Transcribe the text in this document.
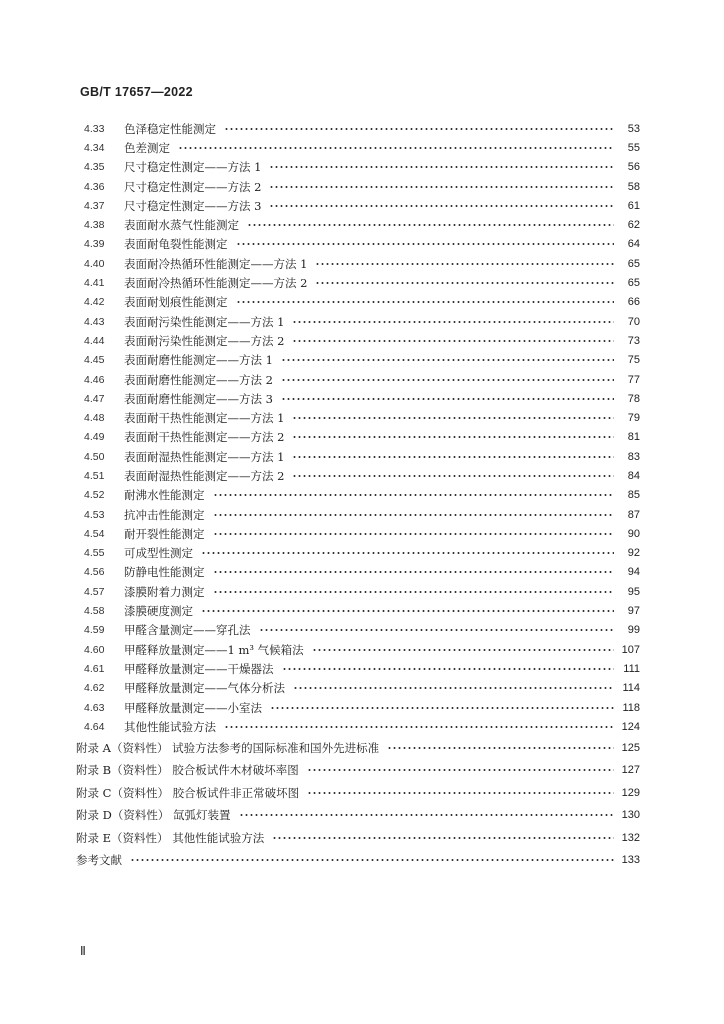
GB/T 17657—2022
4.33	色泽稳定性能测定	53
4.34	色差测定	55
4.35	尺寸稳定性测定——方法 1	56
4.36	尺寸稳定性测定——方法 2	58
4.37	尺寸稳定性测定——方法 3	61
4.38	表面耐水蒸气性能测定	62
4.39	表面耐龟裂性能测定	64
4.40	表面耐冷热循环性能测定——方法 1	65
4.41	表面耐冷热循环性能测定——方法 2	65
4.42	表面耐划痕性能测定	66
4.43	表面耐污染性能测定——方法 1	70
4.44	表面耐污染性能测定——方法 2	73
4.45	表面耐磨性能测定——方法 1	75
4.46	表面耐磨性能测定——方法 2	77
4.47	表面耐磨性能测定——方法 3	78
4.48	表面耐干热性能测定——方法 1	79
4.49	表面耐干热性能测定——方法 2	81
4.50	表面耐湿热性能测定——方法 1	83
4.51	表面耐湿热性能测定——方法 2	84
4.52	耐沸水性能测定	85
4.53	抗冲击性能测定	87
4.54	耐开裂性能测定	90
4.55	可成型性测定	92
4.56	防静电性能测定	94
4.57	漆膜附着力测定	95
4.58	漆膜硬度测定	97
4.59	甲醛含量测定——穿孔法	99
4.60	甲醛释放量测定——1 m³ 气候箱法	107
4.61	甲醛释放量测定——干燥器法	111
4.62	甲醛释放量测定——气体分析法	114
4.63	甲醛释放量测定——小室法	118
4.64	其他性能试验方法	124
附录 A（资料性） 试验方法参考的国际标准和国外先进标准	125
附录 B（资料性） 胶合板试件木材破坏率图	127
附录 C（资料性） 胶合板试件非正常破坏图	129
附录 D（资料性） 氙弧灯装置	130
附录 E（资料性） 其他性能试验方法	132
参考文献	133
Ⅱ
